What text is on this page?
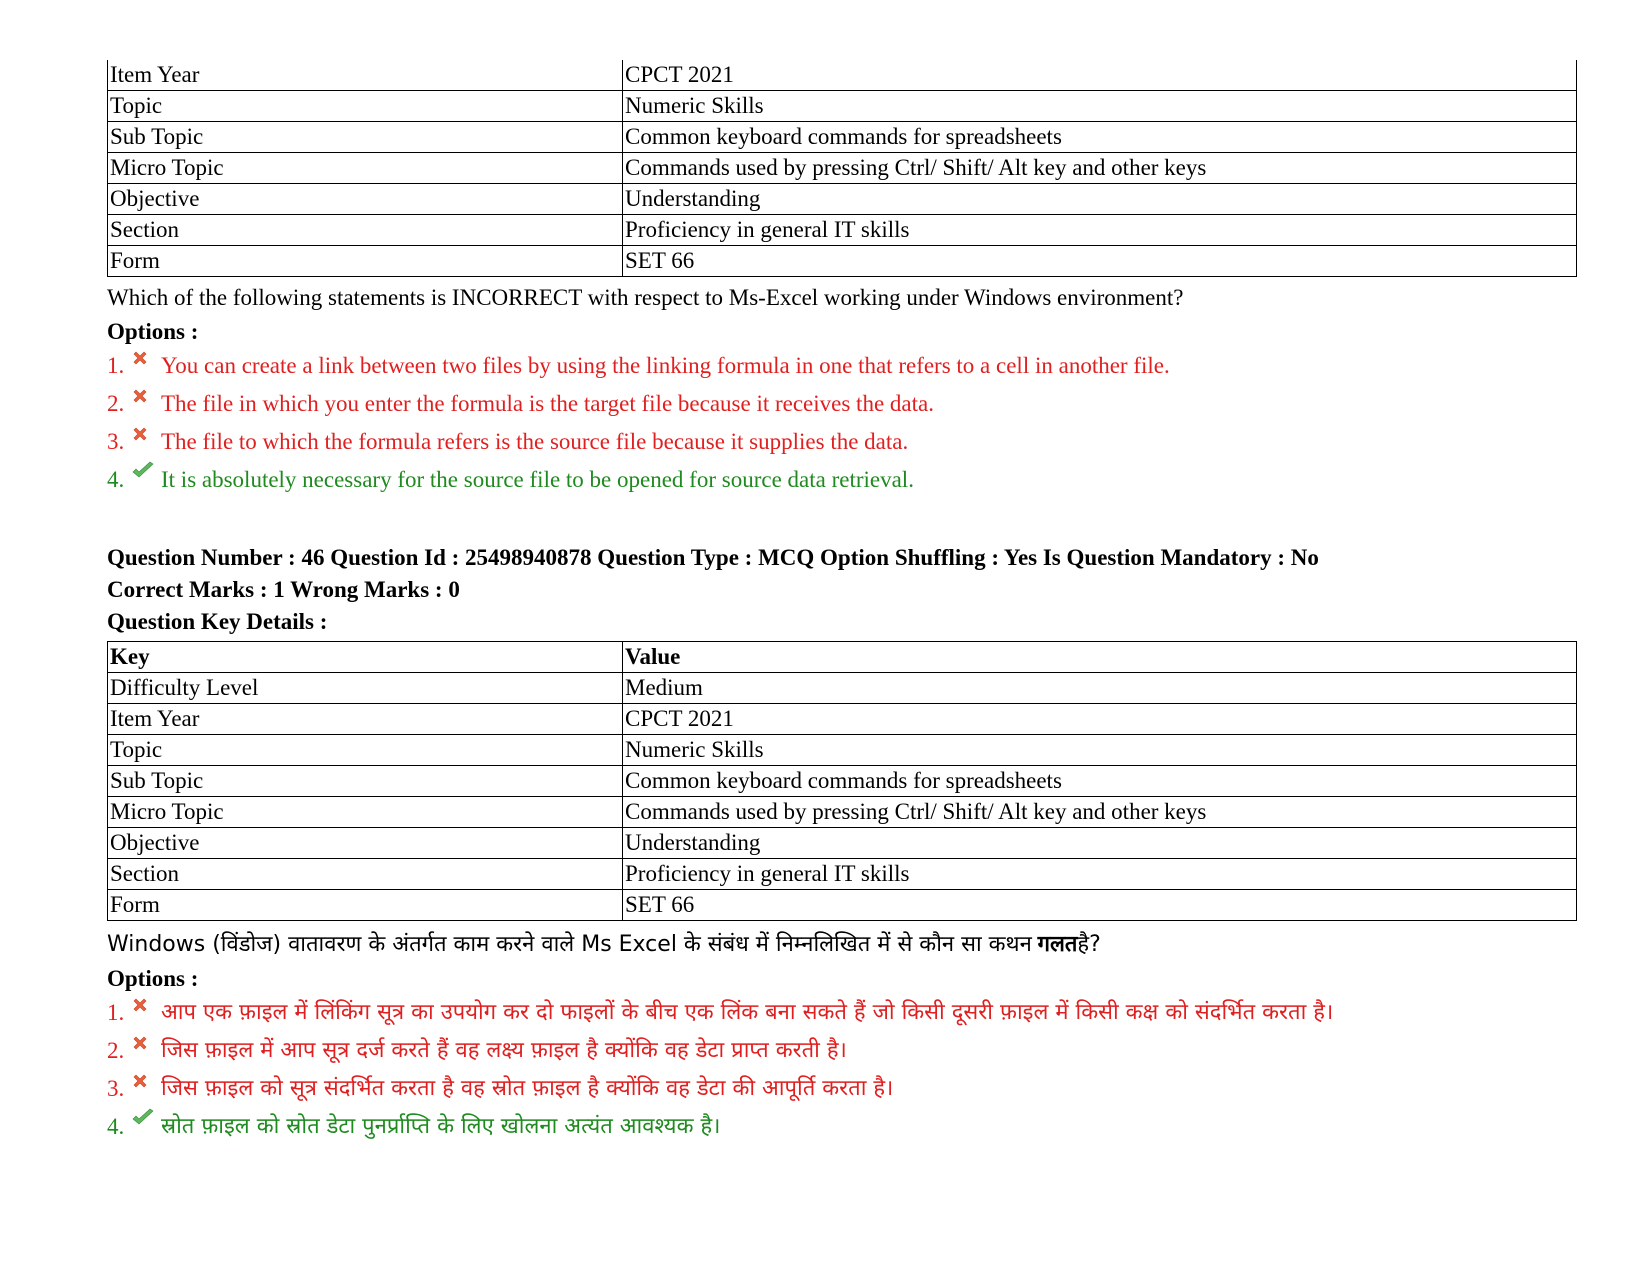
Item Year	CPCT 2021
Topic	Numeric Skills
Sub Topic	Common keyboard commands for spreadsheets
Micro Topic	Commands used by pressing Ctrl/ Shift/ Alt key and other keys
Objective	Understanding
Section	Proficiency in general IT skills
Form	SET 66
Which of the following statements is INCORRECT with respect to Ms-Excel working under Windows environment?
Options :
1. You can create a link between two files by using the linking formula in one that refers to a cell in another file.
2. The file in which you enter the formula is the target file because it receives the data.
3. The file to which the formula refers is the source file because it supplies the data.
4. It is absolutely necessary for the source file to be opened for source data retrieval.
Question Number : 46 Question Id : 25498940878 Question Type : MCQ Option Shuffling : Yes Is Question Mandatory : No
Correct Marks : 1 Wrong Marks : 0
Question Key Details :
Key	Value
Difficulty Level	Medium
Item Year	CPCT 2021
Topic	Numeric Skills
Sub Topic	Common keyboard commands for spreadsheets
Micro Topic	Commands used by pressing Ctrl/ Shift/ Alt key and other keys
Objective	Understanding
Section	Proficiency in general IT skills
Form	SET 66
Windows (विंडोज) वातावरण के अंतर्गत काम करने वाले Ms Excel के संबंध में निम्नलिखित में से कौन सा कथन गलतहै?
Options :
1.	आप एक फ़ाइल में लिंकिंग सूत्र का उपयोग कर दो फाइलों के बीच एक लिंक बना सकते हैं जो किसी दूसरी फ़ाइल में किसी कक्ष को संदर्भित करता है।
2.	जिस फ़ाइल में आप सूत्र दर्ज करते हैं वह लक्ष्य फ़ाइल है क्योंकि वह डेटा प्राप्त करती है।
3.	जिस फ़ाइल को सूत्र संदर्भित करता है वह स्रोत फ़ाइल है क्योंकि वह डेटा की आपूर्ति करता है।
4.	स्रोत फ़ाइल को स्रोत डेटा पुनर्प्राप्ति के लिए खोलना अत्यंत आवश्यक है।
